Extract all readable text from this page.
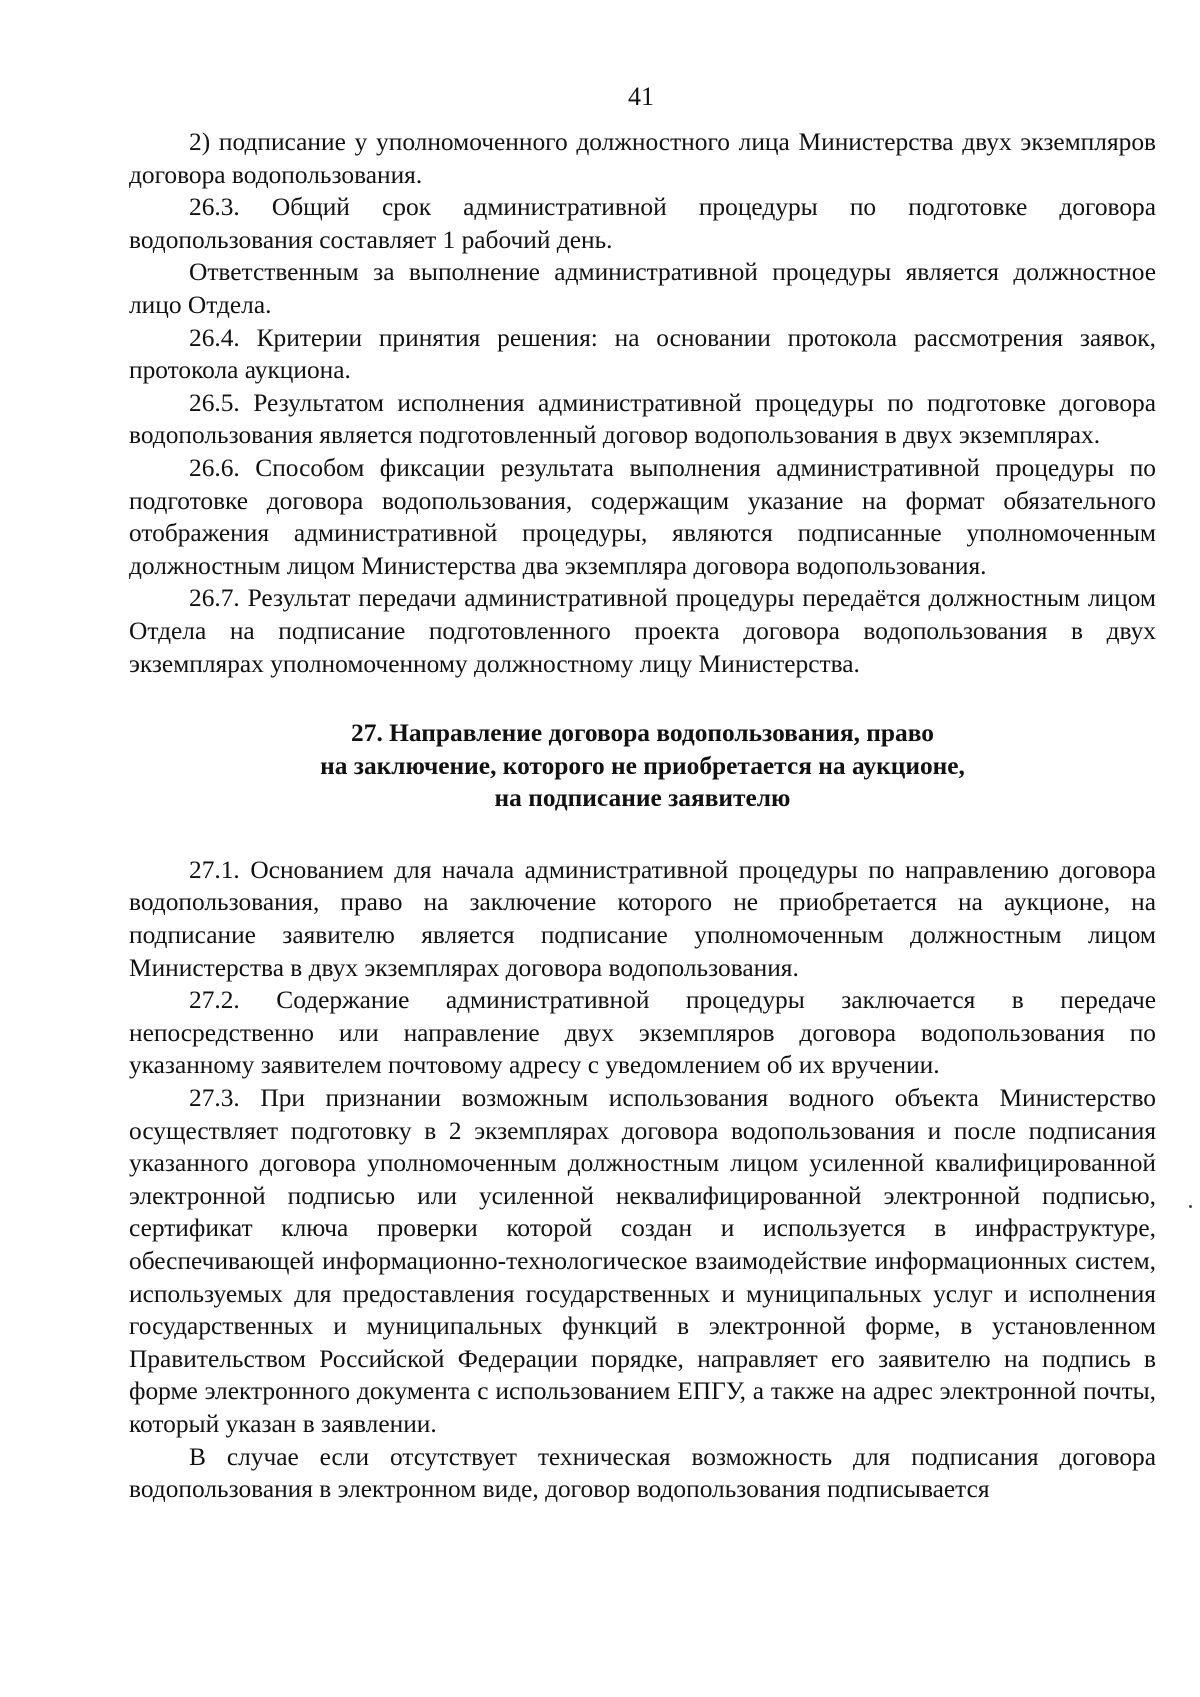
41

2) подписание у уполномоченного должностного лица Министерства двух экземпляров договора водопользования.

26.3. Общий срок административной процедуры по подготовке договора водопользования составляет 1 рабочий день.

Ответственным за выполнение административной процедуры является должностное лицо Отдела.

26.4. Критерии принятия решения: на основании протокола рассмотрения заявок, протокола аукциона.

26.5. Результатом исполнения административной процедуры по подготовке договора водопользования является подготовленный договор водопользования в двух экземплярах.

26.6. Способом фиксации результата выполнения административной процедуры по подготовке договора водопользования, содержащим указание на формат обязательного отображения административной процедуры, являются подписанные уполномоченным должностным лицом Министерства два экземпляра договора водопользования.

26.7. Результат передачи административной процедуры передаётся должностным лицом Отдела на подписание подготовленного проекта договора водопользования в двух экземплярах уполномоченному должностному лицу Министерства.

27. Направление договора водопользования, право
на заключение, которого не приобретается на аукционе,
на подписание заявителю

27.1. Основанием для начала административной процедуры по направлению договора водопользования, право на заключение которого не приобретается на аукционе, на подписание заявителю является подписание уполномоченным должностным лицом Министерства в двух экземплярах договора водопользования.

27.2. Содержание административной процедуры заключается в передаче непосредственно или направление двух экземпляров договора водопользования по указанному заявителем почтовому адресу с уведомлением об их вручении.

27.3. При признании возможным использования водного объекта Министерство осуществляет подготовку в 2 экземплярах договора водопользования и после подписания указанного договора уполномоченным должностным лицом усиленной квалифицированной электронной подписью или усиленной неквалифицированной электронной подписью, сертификат ключа проверки которой создан и используется в инфраструктуре, обеспечивающей информационно-технологическое взаимодействие информационных систем, используемых для предоставления государственных и муниципальных услуг и исполнения государственных и муниципальных функций в электронной форме, в установленном Правительством Российской Федерации порядке, направляет его заявителю на подпись в форме электронного документа с использованием ЕПГУ, а также на адрес электронной почты, который указан в заявлении.

В случае если отсутствует техническая возможность для подписания договора водопользования в электронном виде, договор водопользования подписывается
